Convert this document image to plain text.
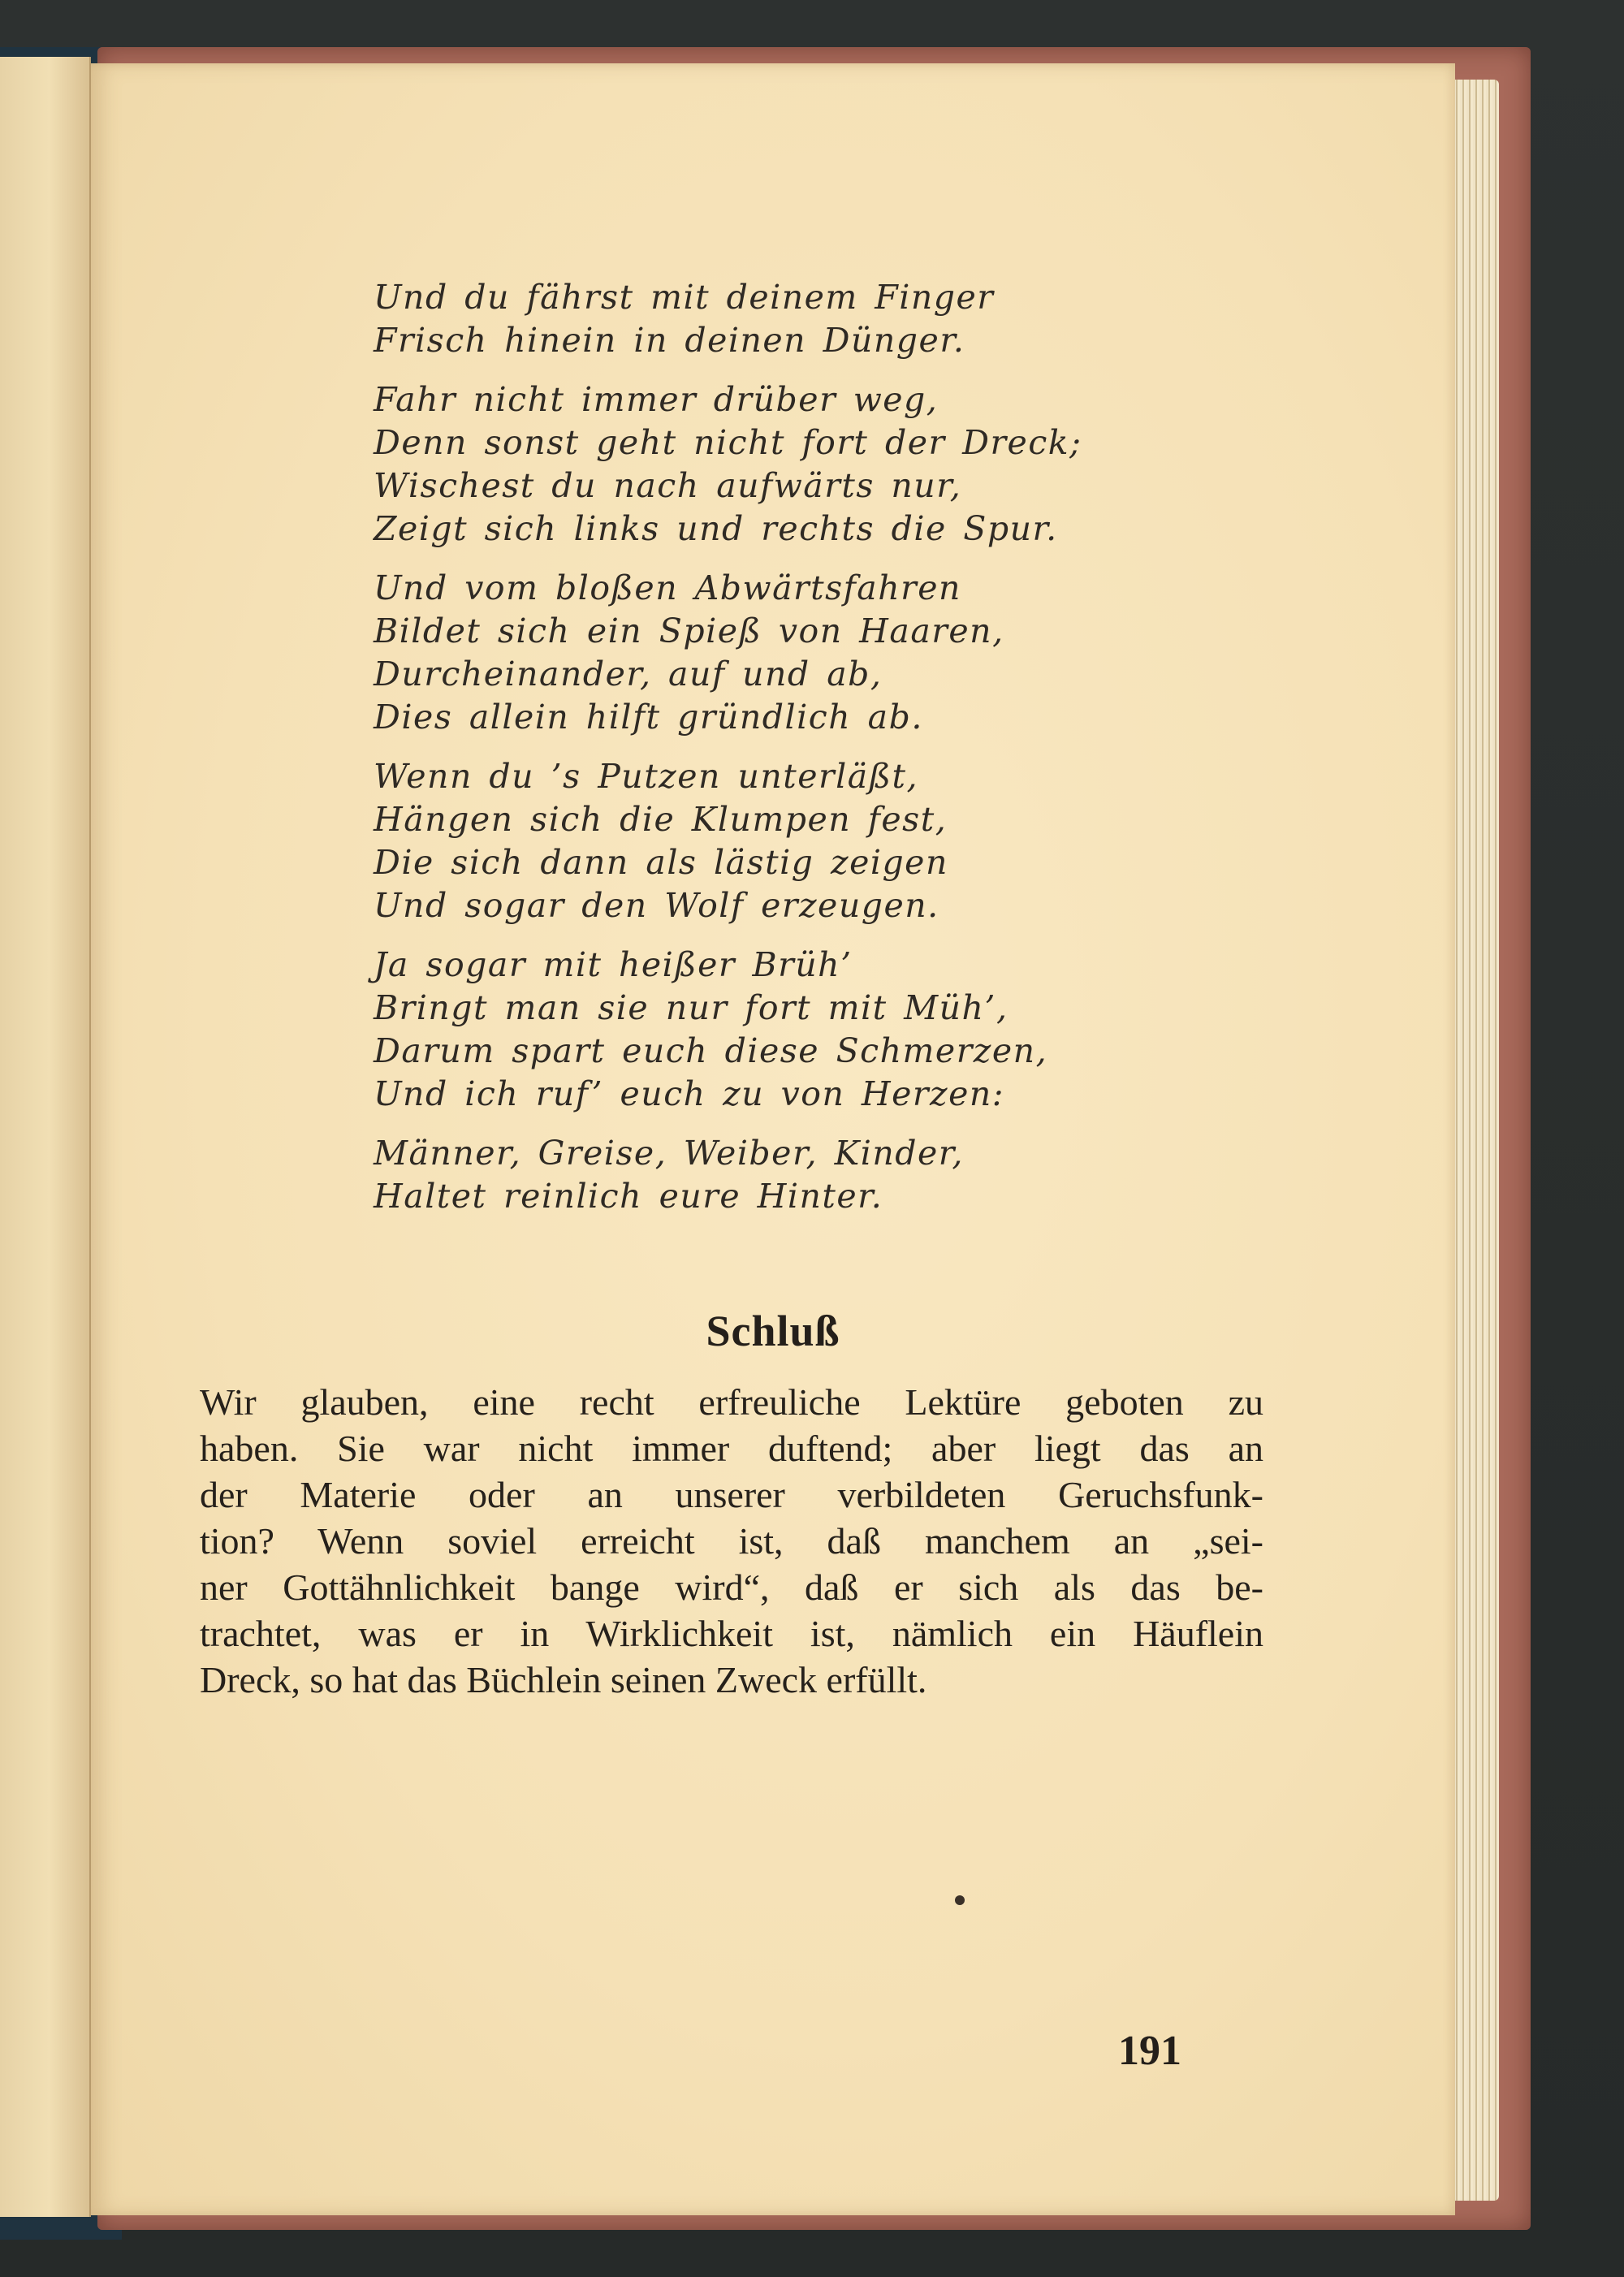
Und du fährst mit deinem Finger
Frisch hinein in deinen Dünger.
Fahr nicht immer drüber weg,
Denn sonst geht nicht fort der Dreck;
Wischest du nach aufwärts nur,
Zeigt sich links und rechts die Spur.
Und vom bloßen Abwärtsfahren
Bildet sich ein Spieß von Haaren,
Durcheinander, auf und ab,
Dies allein hilft gründlich ab.
Wenn du ’s Putzen unterläßt,
Hängen sich die Klumpen fest,
Die sich dann als lästig zeigen
Und sogar den Wolf erzeugen.
Ja sogar mit heißer Brüh’
Bringt man sie nur fort mit Müh’,
Darum spart euch diese Schmerzen,
Und ich ruf’ euch zu von Herzen:
Männer, Greise, Weiber, Kinder,
Haltet reinlich eure Hinter.
Schluß
Wir glauben, eine recht erfreuliche Lektüre geboten zu
haben. Sie war nicht immer duftend; aber liegt das an
der Materie oder an unserer verbildeten Geruchsfunk-
tion? Wenn soviel erreicht ist, daß manchem an „sei-
ner Gottähnlichkeit bange wird“, daß er sich als das be-
trachtet, was er in Wirklichkeit ist, nämlich ein Häuflein
Dreck, so hat das Büchlein seinen Zweck erfüllt.
191
